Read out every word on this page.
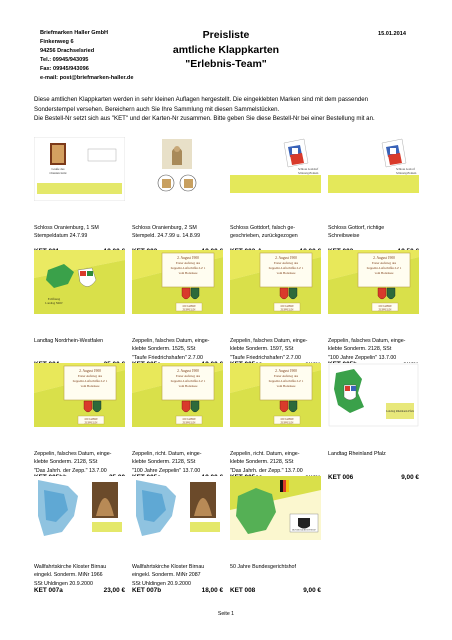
Briefmarken Haller GmbH
Finkenweg 6
94256 Drachselsried
Tel.: 09945/943095
Fax: 09945/943096
e-mail: post@briefmarken-haller.de
Preisliste
amtliche Klappkarten
"Erlebnis-Team"
15.01.2014

Diese amtlichen Klappkarten werden in sehr kleinen Auflagen hergestellt. Die eingeklebten Marken sind mit dem passenden

Sonderstempel versehen. Bereichern auch Sie Ihre Sammlung mit diesen Sammelstücken.

Die Bestell-Nr setzt sich aus "KET" und der Karten-Nr zusammen. Bitte geben Sie diese Bestell-Nr bei einer Bestellung mit an.

Große des
Oranien Iernt
Schloss Oranienburg, 1 SM
Stempeldatum 24.7.99
Schloss Oranienburg, 2 SM
Stempeld. 24.7.99 u. 14.8.99
Schloss Gottdorf
Schleswig-Holstein
Schloss Gottdorf, falsch ge-
geschrieben, zurückgezogen
Schloss Gottorf
Schleswig-Holstein
Schloss Gottorf, richtige
Schreibweise
Eröffnung
Landtag NRW
Landtag Nordrhein-Westfalen
2. August 1900
Erster Aufstieg des
Zeppelin-Luftschiffes LZ 1
vom Bodensee
100 JAHRE
ZEPPELIN
Zeppelin, falsches Datum, einge-
klebte Sonderm. 1525, SSt
"Taufe Friedrichshafen" 2.7.00
2. August 1900
Erster Aufstieg des
Zeppelin-Luftschiffes LZ 1
vom Bodensee
100 JAHRE
ZEPPELIN
Zeppelin, falsches Datum, einge-
klebte Sonderm. 1597, SSt
"Taufe Friedrichshafen" 2.7.00
2. August 1900
Erster Aufstieg des
Zeppelin-Luftschiffes LZ 1
vom Bodensee
100 JAHRE
ZEPPELIN
Zeppelin, falsches Datum, einge-
klebte Sonderm. 2128, SSt
"100 Jahre Zeppelin" 13.7.00
2. August 1900
Erster Aufstieg des
Zeppelin-Luftschiffes LZ 1
vom Bodensee
100 JAHRE
ZEPPELIN
Zeppelin, falsches Datum, einge-
klebte Sonderm. 2128, SSt
"Das Jahrh. der Zepp." 13.7.00
2. August 1900
Erster Aufstieg des
Zeppelin-Luftschiffes LZ 1
vom Bodensee
100 JAHRE
ZEPPELIN
Zeppelin, richt. Datum, einge-
klebte Sonderm. 2128, SSt
"100 Jahre Zeppelin" 13.7.00
2. August 1900
Erster Aufstieg des
Zeppelin-Luftschiffes LZ 1
vom Bodensee
100 JAHRE
ZEPPELIN
Zeppelin, richt. Datum, einge-
klebte Sonderm. 2128, SSt
"Das Jahrh. der Zepp." 13.7.00
Landtag Rheinland-Pfalz
Landtag Rheinland Pfalz
KET 006	9,00 €
Wallfahrtskirche Kloster Birnau
eingekl. Sonderm. MiNr 1966
SSt Uhldingen 20.9.2000
KET 007a	23,00 €
Wallfahrtskirche Kloster Birnau
eingekl. Sonderm. MiNr 2087
SSt Uhldingen 20.9.2000
KET 007b	18,00 €
BUNDESGERICHTSHOF
50 Jahre Bundesgerichtshof
KET 008	9,00 €
Seite 1
